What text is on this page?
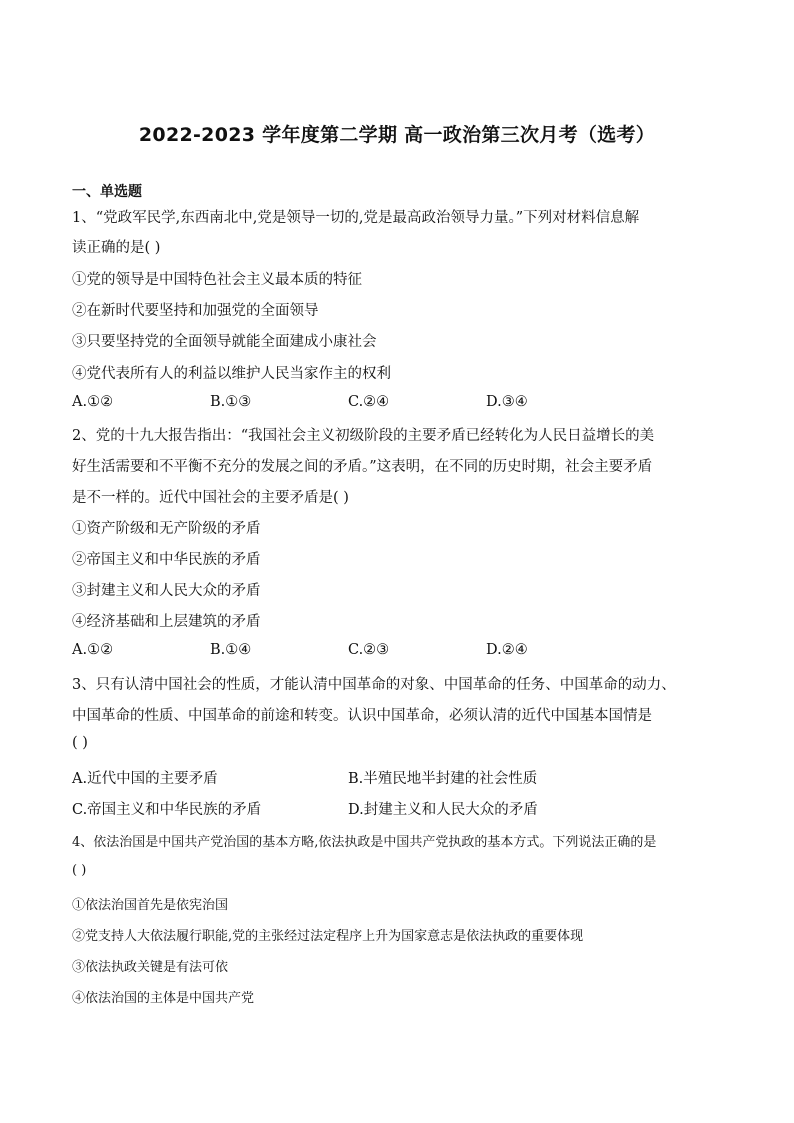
2022-2023 学年度第二学期 高一政治第三次月考（选考）
一、单选题
1、“党政军民学,东西南北中,党是领导一切的,党是最高政治领导力量。”下列对材料信息解
读正确的是( )
①党的领导是中国特色社会主义最本质的特征
②在新时代要坚持和加强党的全面领导
③只要坚持党的全面领导就能全面建成小康社会
④党代表所有人的利益以维护人民当家作主的权利
A.①②	B.①③	C.②④	D.③④
2、党的十九大报告指出：“我国社会主义初级阶段的主要矛盾已经转化为人民日益增长的美
好生活需要和不平衡不充分的发展之间的矛盾。”这表明，在不同的历史时期，社会主要矛盾
是不一样的。近代中国社会的主要矛盾是( )
①资产阶级和无产阶级的矛盾
②帝国主义和中华民族的矛盾
③封建主义和人民大众的矛盾
④经济基础和上层建筑的矛盾
A.①②	B.①④	C.②③	D.②④
3、只有认清中国社会的性质，才能认清中国革命的对象、中国革命的任务、中国革命的动力、
中国革命的性质、中国革命的前途和转变。认识中国革命，必须认清的近代中国基本国情是
( )
A.近代中国的主要矛盾	B.半殖民地半封建的社会性质
C.帝国主义和中华民族的矛盾	D.封建主义和人民大众的矛盾
4、依法治国是中国共产党治国的基本方略,依法执政是中国共产党执政的基本方式。下列说法正确的是
( )
①依法治国首先是依宪治国
②党支持人大依法履行职能,党的主张经过法定程序上升为国家意志是依法执政的重要体现
③依法执政关键是有法可依
④依法治国的主体是中国共产党
